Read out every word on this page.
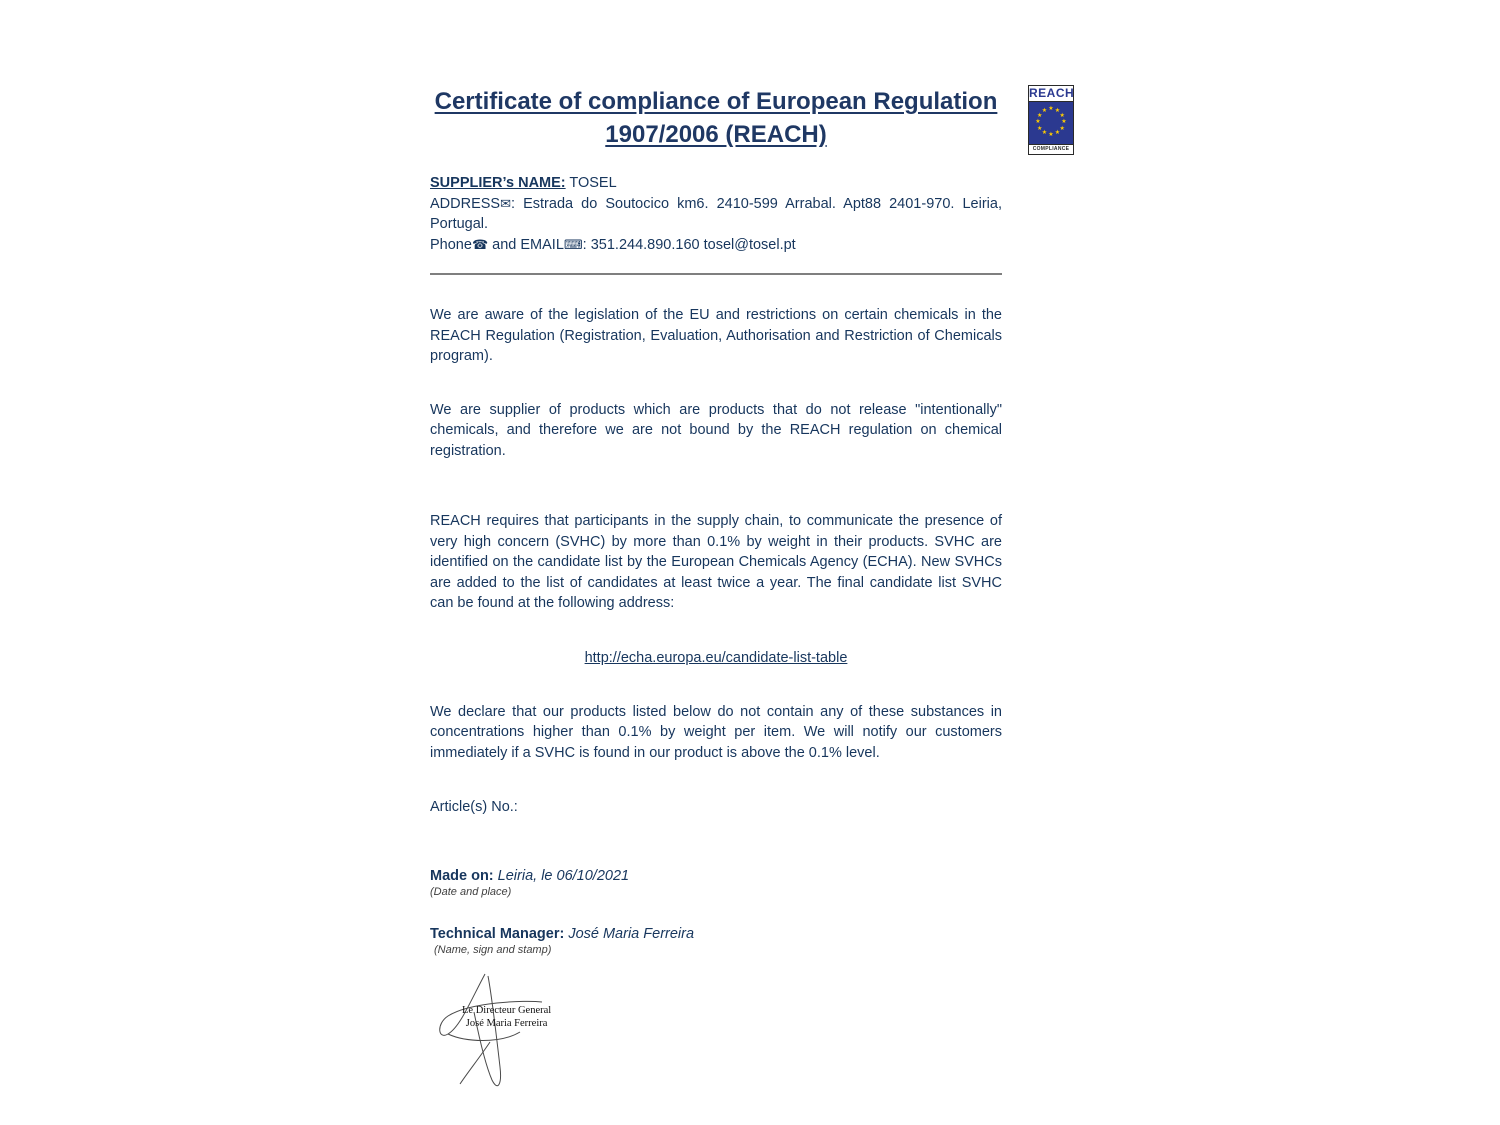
REACH
★ ★
★
★
★
★
★
★
★
★
★
★
COMPLIANCE
Certificate of compliance of European Regulation
1907/2006 (REACH)
SUPPLIER’s NAME: TOSEL
ADDRESS✉: Estrada do Soutocico km6. 2410-599 Arrabal. Apt88 2401-970. Leiria, Portugal.
Phone☎ and EMAIL⌨: 351.244.890.160 tosel@tosel.pt

We are aware of the legislation of the EU and restrictions on certain chemicals in the REACH Regulation (Registration, Evaluation, Authorisation and Restriction of Chemicals program).

We are supplier of products which are products that do not release "intentionally" chemicals, and therefore we are not bound by the REACH regulation on chemical registration.

REACH requires that participants in the supply chain, to communicate the presence of very high concern (SVHC) by more than 0.1% by weight in their products. SVHC are identified on the candidate list by the European Chemicals Agency (ECHA). New SVHCs are added to the list of candidates at least twice a year. The final candidate list SVHC can be found at the following address:

http://echa.europa.eu/candidate-list-table

We declare that our products listed below do not contain any of these substances in concentrations higher than 0.1% by weight per item. We will notify our customers immediately if a SVHC is found in our product is above the 0.1% level.

Article(s) No.:

Made on: Leiria, le 06/10/2021
(Date and place)
Technical Manager: José Maria Ferreira
(Name, sign and stamp)
Le Directeur General
José Maria Ferreira
